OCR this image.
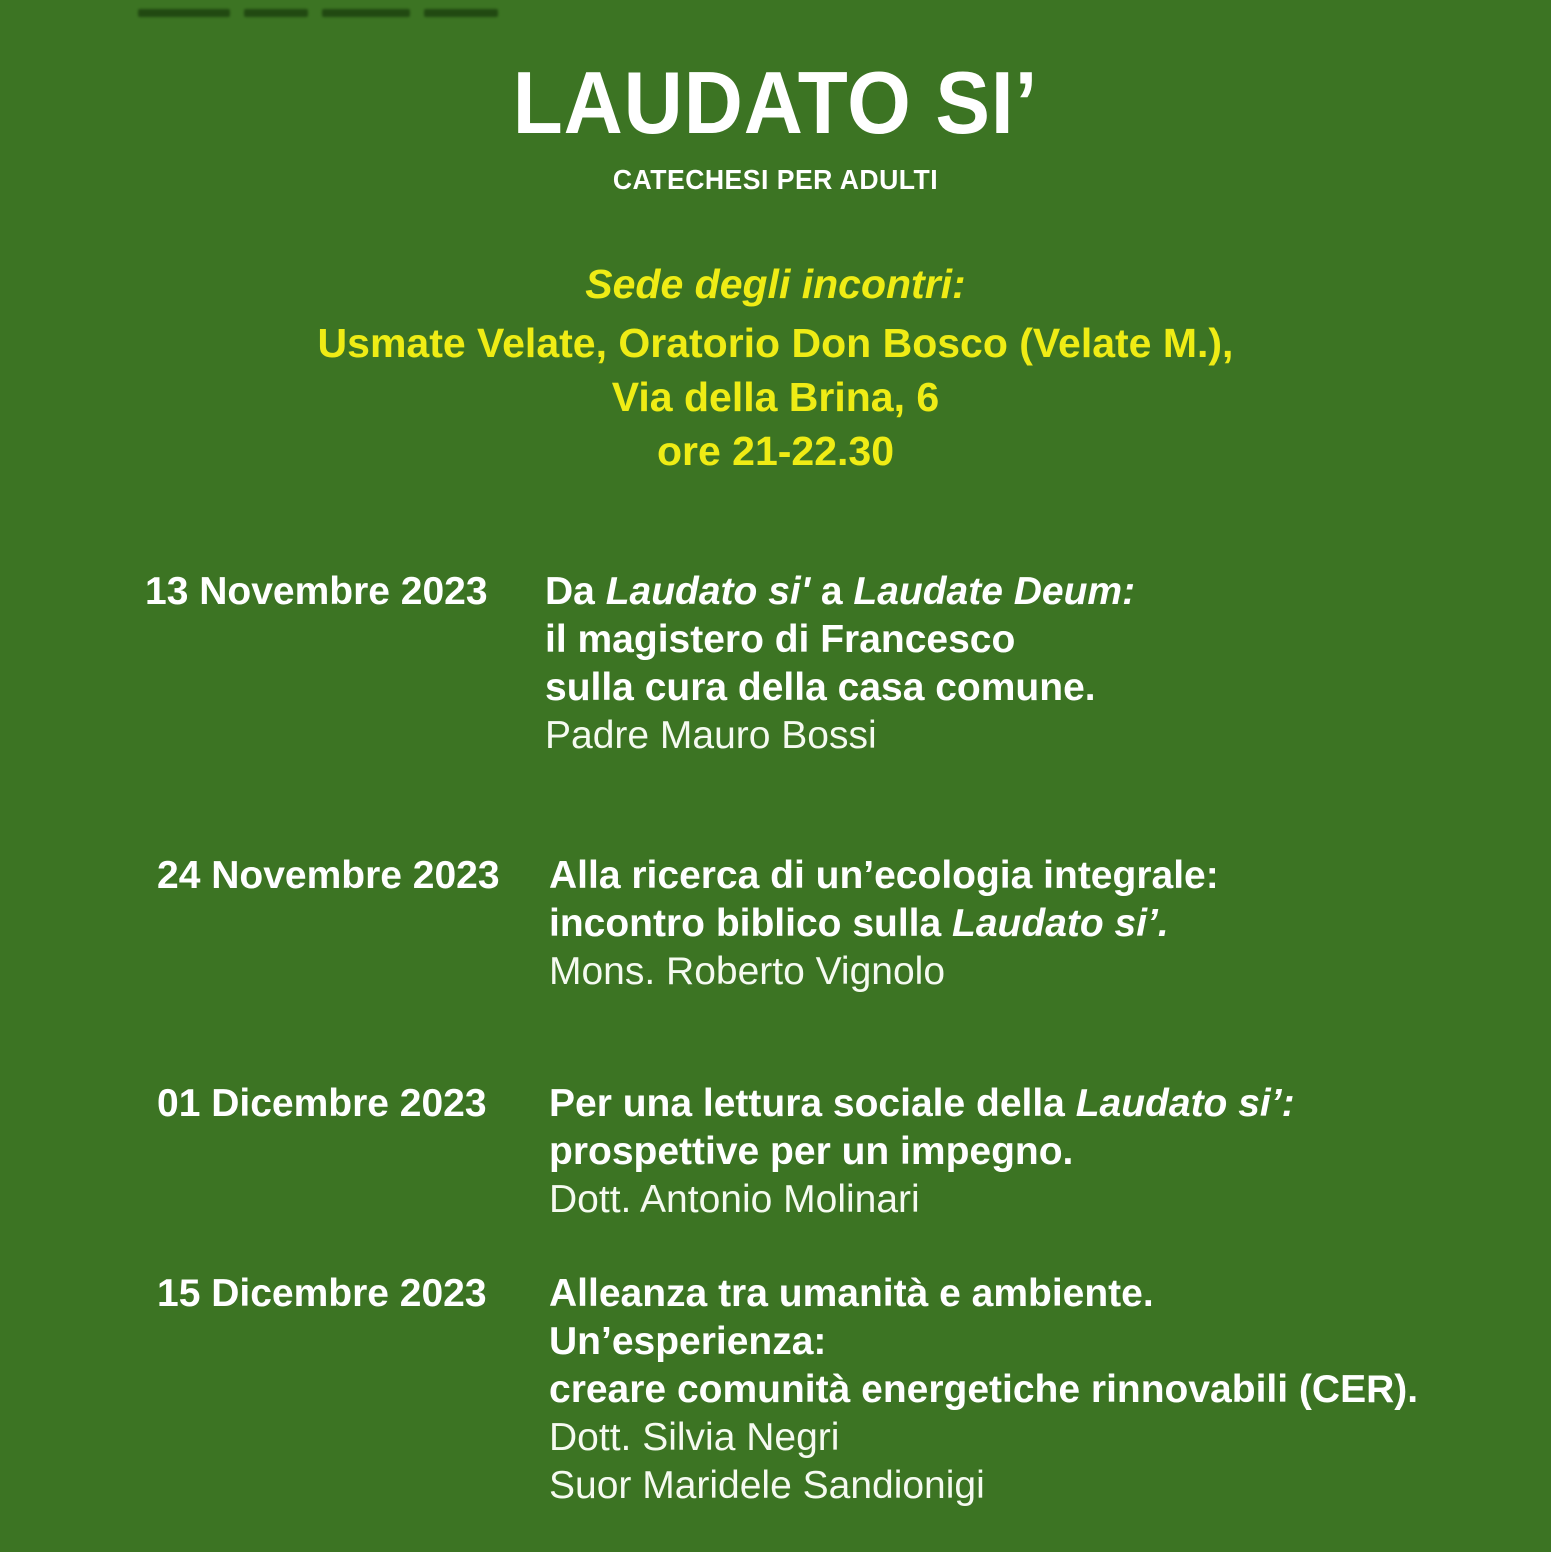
LAUDATO SI’
CATECHESI PER ADULTI
Sede degli incontri:
Usmate Velate, Oratorio Don Bosco (Velate M.),
Via della Brina, 6
ore 21-22.30
13 Novembre 2023	Da Laudato si' a Laudate Deum:
il magistero di Francesco
sulla cura della casa comune.
Padre Mauro Bossi
24 Novembre 2023	Alla ricerca di un’ecologia integrale:
incontro biblico sulla Laudato si’.
Mons. Roberto Vignolo
01 Dicembre 2023	Per una lettura sociale della Laudato si’:
prospettive per un impegno.
Dott. Antonio Molinari
15 Dicembre 2023	Alleanza tra umanità e ambiente.
Un’esperienza:
creare comunità energetiche rinnovabili (CER).
Dott. Silvia Negri
Suor Maridele Sandionigi
